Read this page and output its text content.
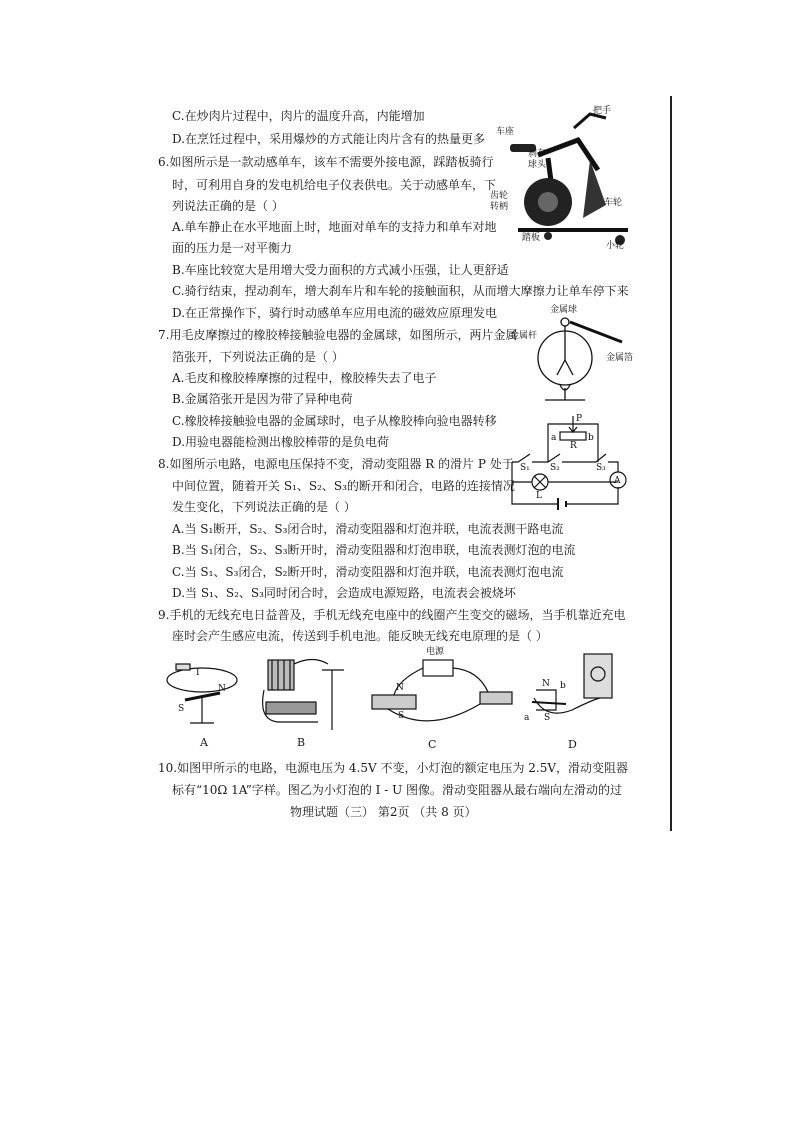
C.在炒肉片过程中，肉片的温度升高，内能增加
D.在烹饪过程中，采用爆炒的方式能让肉片含有的热量更多
6.如图所示是一款动感单车，该车不需要外接电源，踩踏板骑行
时，可利用自身的发电机给电子仪表供电。关于动感单车，下
列说法正确的是（ ）
A.单车静止在水平地面上时，地面对单车的支持力和单车对地
面的压力是一对平衡力
B.车座比较宽大是用增大受力面积的方式减小压强，让人更舒适
C.骑行结束，捏动刹车，增大刹车片和车轮的接触面积，从而增大摩擦力让单车停下来
D.在正常操作下，骑行时动感单车应用电流的磁效应原理发电
把手
车座
刹车
球头
齿轮
转柄	车轮
踏板
小轮
7.用毛皮摩擦过的橡胶棒接触验电器的金属球，如图所示，两片金属
箔张开，下列说法正确的是（ ）
A.毛皮和橡胶棒摩擦的过程中，橡胶棒失去了电子
B.金属箔张开是因为带了异种电荷
C.橡胶棒接触验电器的金属球时，电子从橡胶棒向验电器转移
D.用验电器能检测出橡胶棒带的是负电荷
金属球
金属杆
金属箔
8.如图所示电路，电源电压保持不变，滑动变阻器 R 的滑片 P 处于
中间位置，随着开关 S₁、S₂、S₃的断开和闭合，电路的连接情况
发生变化，下列说法正确的是（ ）
A.当 S₁断开，S₂、S₃闭合时，滑动变阻器和灯泡并联，电流表测干路电流
B.当 S₁闭合，S₂、S₃断开时，滑动变阻器和灯泡串联，电流表测灯泡的电流
C.当 S₁、S₃闭合，S₂断开时，滑动变阻器和灯泡并联，电流表测灯泡电流
D.当 S₁、S₂、S₃同时闭合时，会造成电源短路，电流表会被烧坏
P
a
R
b
S₁ S₂	S₃
L
A
9.手机的无线充电日益普及，手机无线充电座中的线圈产生变交的磁场，当手机靠近充电
座时会产生感应电流，传送到手机电池。能反映无线充电原理的是（ ）
I
S
N
A	B
电源
N
S
C
N b
a S
D
10.如图甲所示的电路，电源电压为 4.5V 不变，小灯泡的额定电压为 2.5V，滑动变阻器
标有“10Ω 1A”字样。图乙为小灯泡的 I - U 图像。滑动变阻器从最右端向左滑动的过
物理试题（三） 第2页 （共 8 页）
